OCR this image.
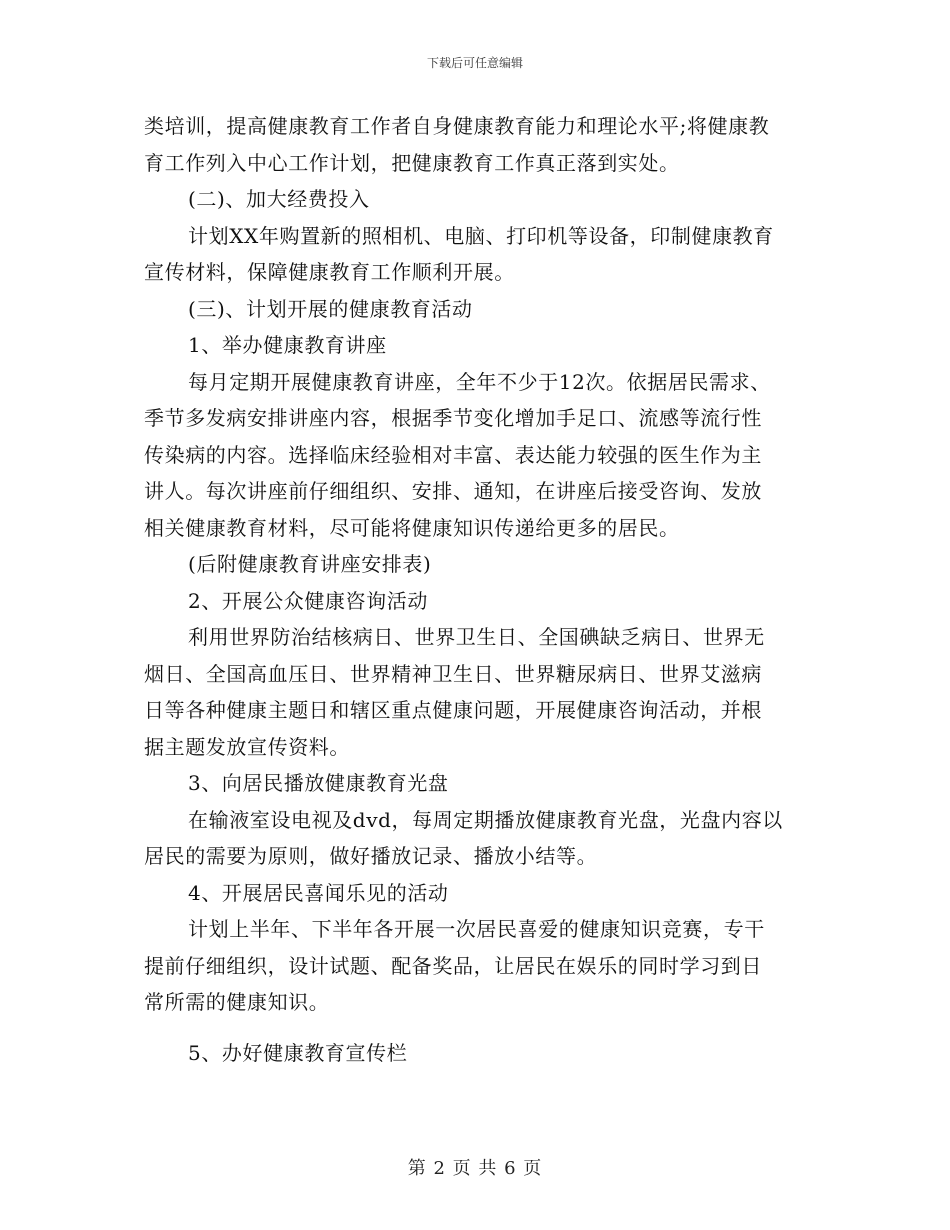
下载后可任意编辑
类培训，提高健康教育工作者自身健康教育能力和理论水平;将健康教
育工作列入中心工作计划，把健康教育工作真正落到实处。
(二)、加大经费投入
计划XX年购置新的照相机、电脑、打印机等设备，印制健康教育
宣传材料，保障健康教育工作顺利开展。
(三)、计划开展的健康教育活动
1、举办健康教育讲座
每月定期开展健康教育讲座，全年不少于12次。依据居民需求、
季节多发病安排讲座内容，根据季节变化增加手足口、流感等流行性
传染病的内容。选择临床经验相对丰富、表达能力较强的医生作为主
讲人。每次讲座前仔细组织、安排、通知，在讲座后接受咨询、发放
相关健康教育材料，尽可能将健康知识传递给更多的居民。
(后附健康教育讲座安排表)
2、开展公众健康咨询活动
利用世界防治结核病日、世界卫生日、全国碘缺乏病日、世界无
烟日、全国高血压日、世界精神卫生日、世界糖尿病日、世界艾滋病
日等各种健康主题日和辖区重点健康问题，开展健康咨询活动，并根
据主题发放宣传资料。
3、向居民播放健康教育光盘
在输液室设电视及dvd，每周定期播放健康教育光盘，光盘内容以
居民的需要为原则，做好播放记录、播放小结等。
4、开展居民喜闻乐见的活动
计划上半年、下半年各开展一次居民喜爱的健康知识竞赛，专干
提前仔细组织，设计试题、配备奖品，让居民在娱乐的同时学习到日
常所需的健康知识。
5、办好健康教育宣传栏
第 2 页 共 6 页
